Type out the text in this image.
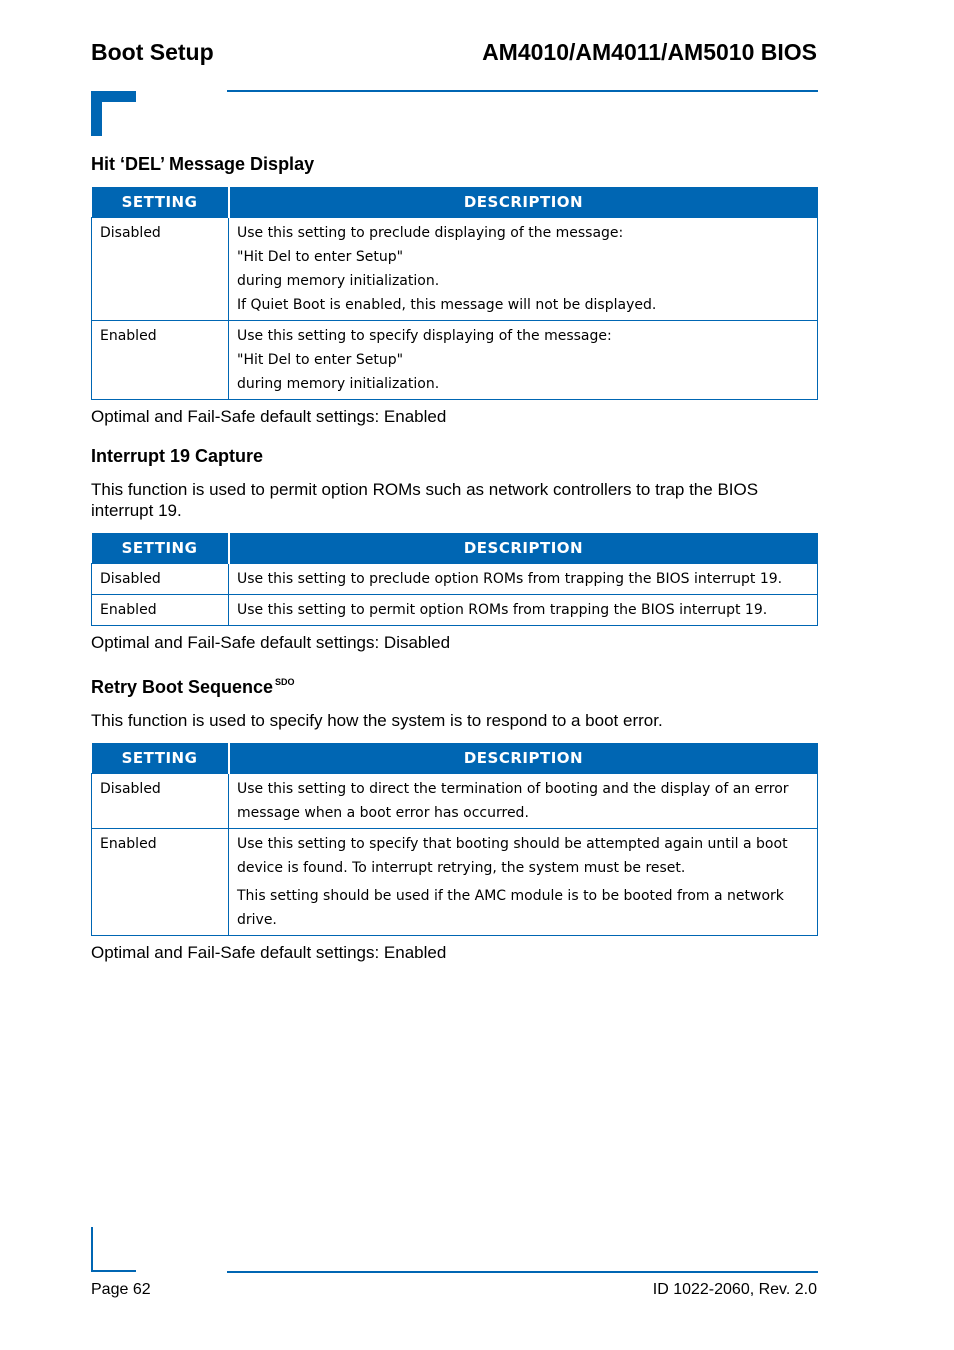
Boot Setup	AM4010/AM4011/AM5010 BIOS
Hit ‘DEL’ Message Display
SETTING	DESCRIPTION
Disabled	Use this setting to preclude displaying of the message:
"Hit Del to enter Setup"
during memory initialization.
If Quiet Boot is enabled, this message will not be displayed.

Enabled	Use this setting to specify displaying of the message:
"Hit Del to enter Setup"
during memory initialization.

Optimal and Fail-Safe default settings: Enabled

Interrupt 19 Capture

This function is used to permit option ROMs such as network controllers to trap the BIOS interrupt 19.

SETTING	DESCRIPTION
Disabled	Use this setting to preclude option ROMs from trapping the BIOS interrupt 19.
Enabled	Use this setting to permit option ROMs from trapping the BIOS interrupt 19.

Optimal and Fail-Safe default settings: Disabled

Retry Boot Sequence $^{SDO}$

This function is used to specify how the system is to respond to a boot error.

SETTING	DESCRIPTION
Disabled	Use this setting to direct the termination of booting and the display of an error message when a boot error has occurred.
Enabled	Use this setting to specify that booting should be attempted again until a boot device is found. To interrupt retrying, the system must be reset.
This setting should be used if the AMC module is to be booted from a network drive.

Optimal and Fail-Safe default settings: Enabled

Page 62	ID 1022-2060, Rev. 2.0
